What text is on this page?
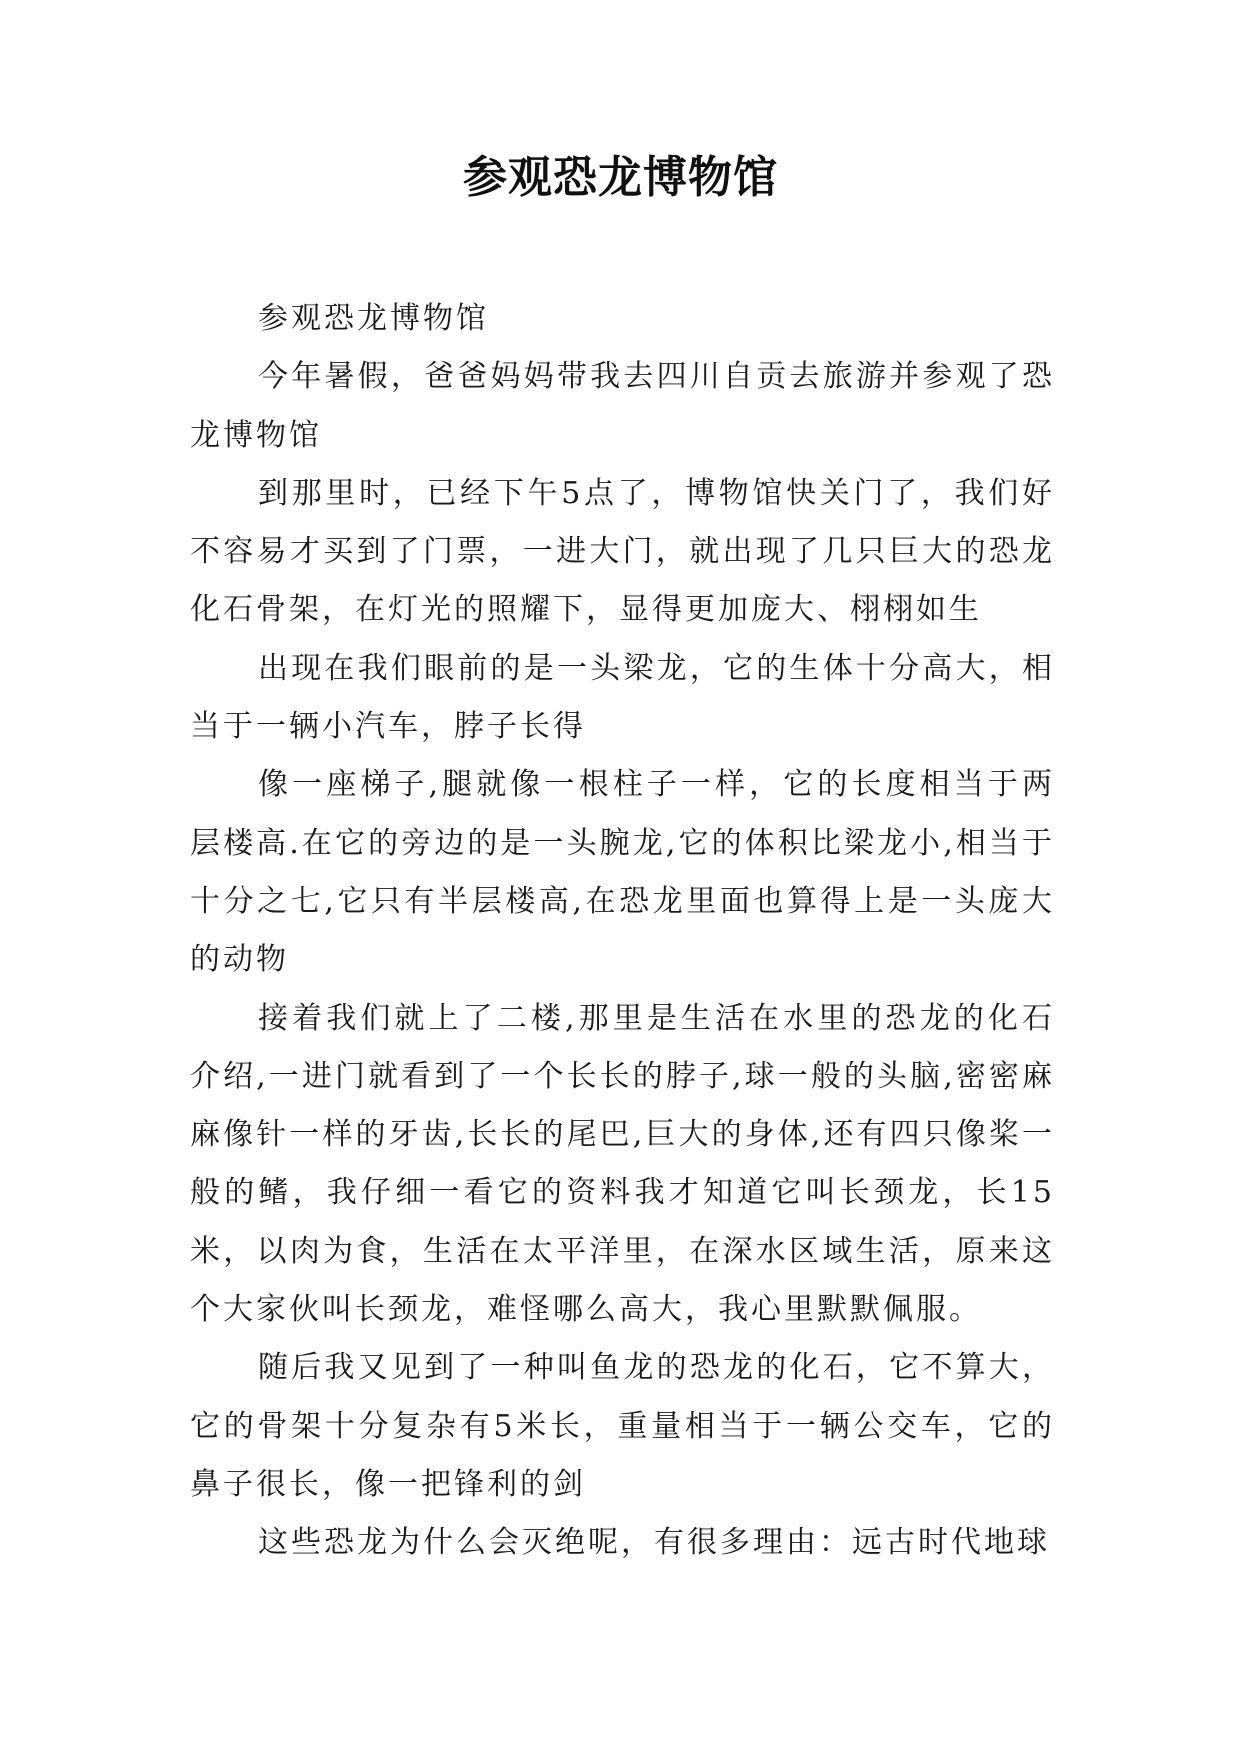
参观恐龙博物馆

参观恐龙博物馆

今年暑假，爸爸妈妈带我去四川自贡去旅游并参观了恐龙博物馆

到那里时，已经下午5点了，博物馆快关门了，我们好不容易才买到了门票，一进大门，就出现了几只巨大的恐龙化石骨架，在灯光的照耀下，显得更加庞大、栩栩如生

出现在我们眼前的是一头梁龙，它的生体十分高大，相当于一辆小汽车，脖子长得

像一座梯子,腿就像一根柱子一样，它的长度相当于两层楼高.在它的旁边的是一头腕龙,它的体积比梁龙小,相当于十分之七,它只有半层楼高,在恐龙里面也算得上是一头庞大的动物

接着我们就上了二楼,那里是生活在水里的恐龙的化石介绍,一进门就看到了一个长长的脖子,球一般的头脑,密密麻麻像针一样的牙齿,长长的尾巴,巨大的身体,还有四只像桨一般的鳍，我仔细一看它的资料我才知道它叫长颈龙，长15米，以肉为食，生活在太平洋里，在深水区域生活，原来这个大家伙叫长颈龙，难怪哪么高大，我心里默默佩服。

随后我又见到了一种叫鱼龙的恐龙的化石，它不算大，它的骨架十分复杂有5米长，重量相当于一辆公交车，它的鼻子很长，像一把锋利的剑

这些恐龙为什么会灭绝呢，有很多理由：远古时代地球
